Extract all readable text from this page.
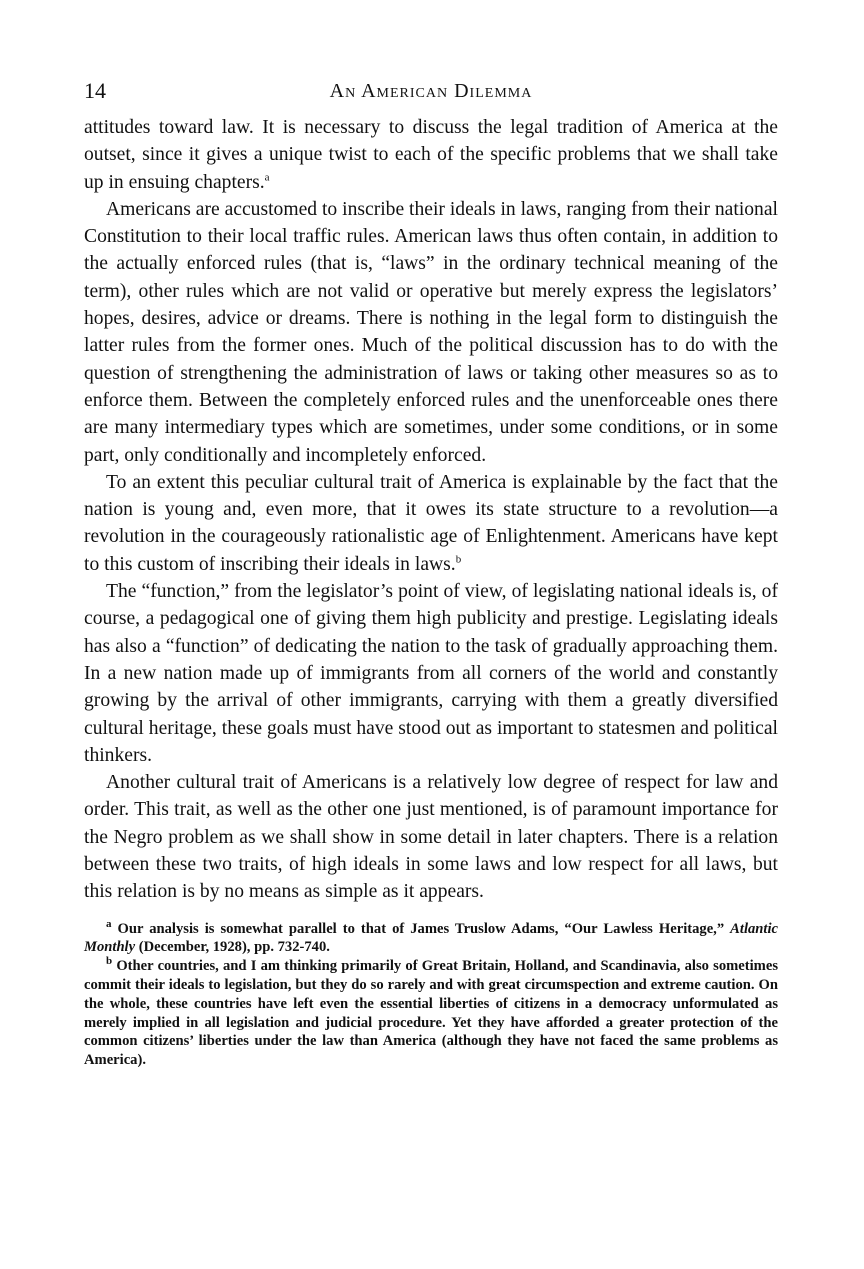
14	An American Dilemma

attitudes toward law. It is necessary to discuss the legal tradition of America at the outset, since it gives a unique twist to each of the specific problems that we shall take up in ensuing chapters.$^a$

Americans are accustomed to inscribe their ideals in laws, ranging from their national Constitution to their local traffic rules. American laws thus often contain, in addition to the actually enforced rules (that is, “laws” in the ordinary technical meaning of the term), other rules which are not valid or operative but merely express the legislators’ hopes, desires, advice or dreams. There is nothing in the legal form to distinguish the latter rules from the former ones. Much of the political discussion has to do with the question of strengthening the administration of laws or taking other measures so as to enforce them. Between the completely enforced rules and the unenforceable ones there are many intermediary types which are sometimes, under some conditions, or in some part, only conditionally and incompletely enforced.

To an extent this peculiar cultural trait of America is explainable by the fact that the nation is young and, even more, that it owes its state structure to a revolution—a revolution in the courageously rationalistic age of Enlightenment. Americans have kept to this custom of inscribing their ideals in laws.$^b$

The “function,” from the legislator’s point of view, of legislating national ideals is, of course, a pedagogical one of giving them high publicity and prestige. Legislating ideals has also a “function” of dedicating the nation to the task of gradually approaching them. In a new nation made up of immigrants from all corners of the world and constantly growing by the arrival of other immigrants, carrying with them a greatly diversified cultural heritage, these goals must have stood out as important to statesmen and political thinkers.

Another cultural trait of Americans is a relatively low degree of respect for law and order. This trait, as well as the other one just mentioned, is of paramount importance for the Negro problem as we shall show in some detail in later chapters. There is a relation between these two traits, of high ideals in some laws and low respect for all laws, but this relation is by no means as simple as it appears.

$^a$ Our analysis is somewhat parallel to that of James Truslow Adams, “Our Lawless Heritage,” Atlantic Monthly (December, 1928), pp. 732-740.

$^b$ Other countries, and I am thinking primarily of Great Britain, Holland, and Scandinavia, also sometimes commit their ideals to legislation, but they do so rarely and with great circumspection and extreme caution. On the whole, these countries have left even the essential liberties of citizens in a democracy unformulated as merely implied in all legislation and judicial procedure. Yet they have afforded a greater protection of the common citizens’ liberties under the law than America (although they have not faced the same problems as America).
